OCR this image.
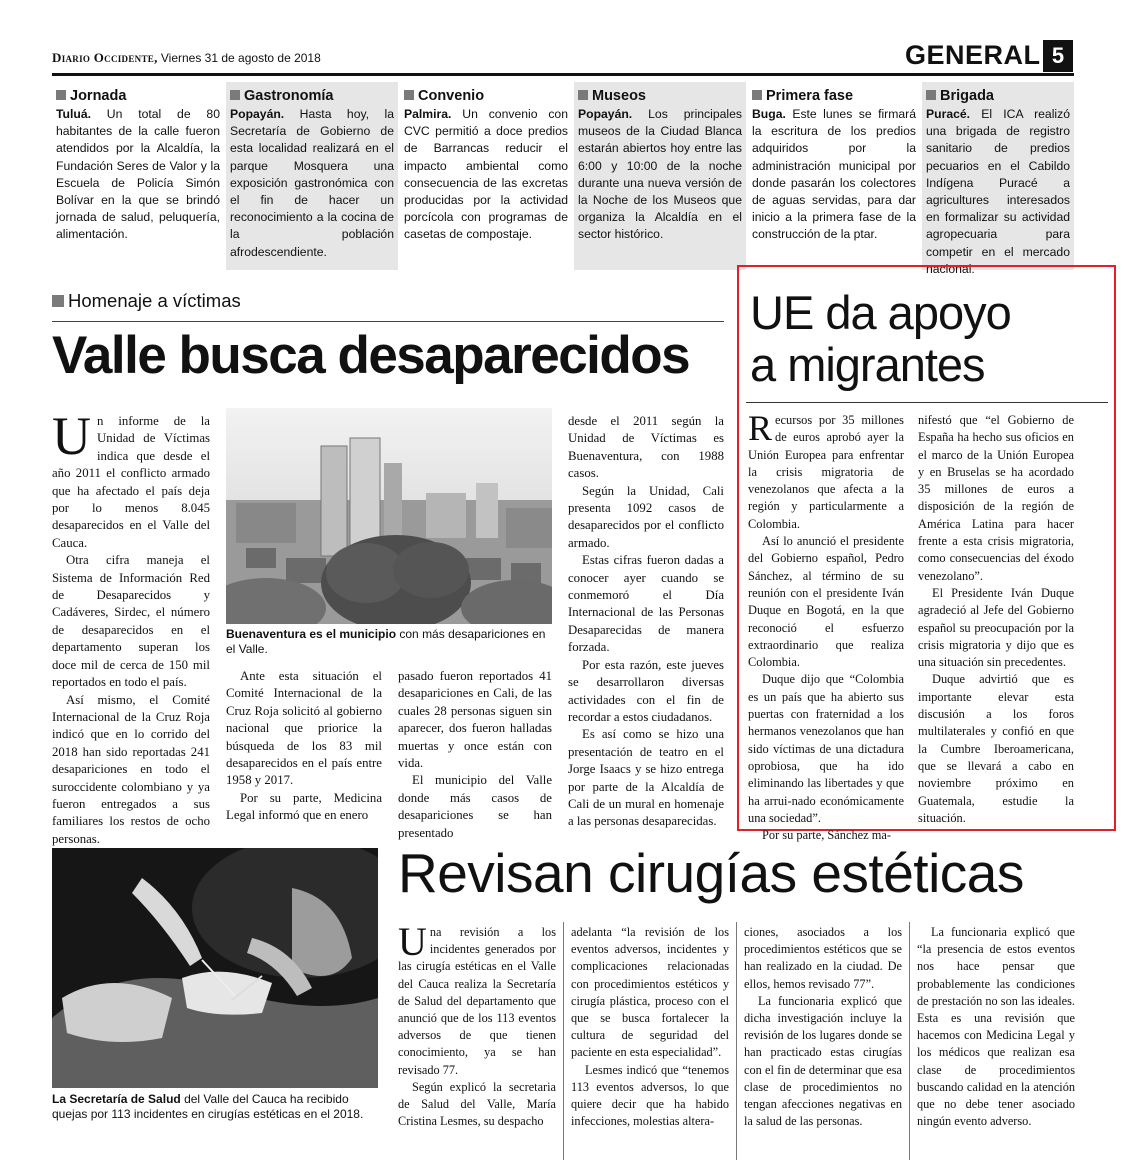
Diario Occidente, Viernes 31 de agosto de 2018	GENERAL 5
Jornada
Tuluá. Un total de 80 habitantes de la calle fueron atendidos por la Alcaldía, la Fundación Seres de Valor y la Escuela de Policía Simón Bolívar en la que se brindó jornada de salud, peluquería, alimentación.
Gastronomía
Popayán. Hasta hoy, la Secretaría de Gobierno de esta localidad realizará en el parque Mosquera una exposición gastronómica con el fin de hacer un reconocimiento a la cocina de la población afrodescendiente.
Convenio
Palmira. Un convenio con CVC permitió a doce predios de Barrancas reducir el impacto ambiental como consecuencia de las excretas producidas por la actividad porcícola con programas de casetas de compostaje.
Museos
Popayán. Los principales museos de la Ciudad Blanca estarán abiertos hoy entre las 6:00 y 10:00 de la noche durante una nueva versión de la Noche de los Museos que organiza la Alcaldía en el sector histórico.
Primera fase
Buga. Este lunes se firmará la escritura de los predios adquiridos por la administración municipal por donde pasarán los colectores de aguas servidas, para dar inicio a la primera fase de la construcción de la ptar.
Brigada
Puracé. El ICA realizó una brigada de registro sanitario de predios pecuarios en el Cabildo Indígena Puracé a agricultures interesados en formalizar su actividad agropecuaria para competir en el mercado nacional.
Homenaje a víctimas
Valle busca desaparecidos

Un informe de la Unidad de Víctimas indica que desde el año 2011 el conflicto armado que ha afectado el país deja por lo menos 8.045 desaparecidos en el Valle del Cauca.

Otra cifra maneja el Sistema de Información Red de Desaparecidos y Cadáveres, Sirdec, el número de desaparecidos en el departamento superan los doce mil de cerca de 150 mil reportados en todo el país.

Así mismo, el Comité Internacional de la Cruz Roja indicó que en lo corrido del 2018 han sido reportadas 241 desapariciones en todo el suroccidente colombiano y ya fueron entregados a sus familiares los restos de ocho personas.

Buenaventura es el municipio con más desapariciones en el Valle.

Ante esta situación el Comité Internacional de la Cruz Roja solicitó al gobierno nacional que priorice la búsqueda de los 83 mil desaparecidos en el país entre 1958 y 2017.

Por su parte, Medicina Legal informó que en enero

pasado fueron reportados 41 desapariciones en Cali, de las cuales 28 personas siguen sin aparecer, dos fueron halladas muertas y once están con vida.

El municipio del Valle donde más casos de desapariciones se han presentado

desde el 2011 según la Unidad de Víctimas es Buenaventura, con 1988 casos.

Según la Unidad, Cali presenta 1092 casos de desaparecidos por el conflicto armado.

Estas cifras fueron dadas a conocer ayer cuando se conmemoró el Día Internacional de las Personas Desaparecidas de manera forzada.

Por esta razón, este jueves se desarrollaron diversas actividades con el fin de recordar a estos ciudadanos.

Es así como se hizo una presentación de teatro en el Jorge Isaacs y se hizo entrega por parte de la Alcaldía de Cali de un mural en homenaje a las personas desaparecidas.

UE da apoyo
a migrantes

Recursos por 35 millones de euros aprobó ayer la Unión Europea para enfrentar la crisis migratoria de venezolanos que afecta a la región y particularmente a Colombia.

Así lo anunció el presidente del Gobierno español, Pedro Sánchez, al término de su reunión con el presidente Iván Duque en Bogotá, en la que reconoció el esfuerzo extraordinario que realiza Colombia.

Duque dijo que “Colombia es un país que ha abierto sus puertas con fraternidad a los hermanos venezolanos que han sido víctimas de una dictadura oprobiosa, que ha ido eliminando las libertades y que ha arrui-nado económicamente una sociedad”.

Por su parte, Sánchez ma-

nifestó que “el Gobierno de España ha hecho sus oficios en el marco de la Unión Europea y en Bruselas se ha acordado 35 millones de euros a disposición de la región de América Latina para hacer frente a esta crisis migratoria, como consecuencias del éxodo venezolano”.

El Presidente Iván Duque agradeció al Jefe del Gobierno español su preocupación por la crisis migratoria y dijo que es una situación sin precedentes.

Duque advirtió que es importante elevar esta discusión a los foros multilaterales y confió en que la Cumbre Iberoamericana, que se llevará a cabo en noviembre próximo en Guatemala, estudie la situación.

La Secretaría de Salud del Valle del Cauca ha recibido quejas por 113 incidentes en cirugías estéticas en el 2018.
Revisan cirugías estéticas

Una revisión a los incidentes generados por las cirugía estéticas en el Valle del Cauca realiza la Secretaría de Salud del departamento que anunció que de los 113 eventos adversos de que tienen conocimiento, ya se han revisado 77.

Según explicó la secretaria de Salud del Valle, María Cristina Lesmes, su despacho

adelanta “la revisión de los eventos adversos, incidentes y complicaciones relacionadas con procedimientos estéticos y cirugía plástica, proceso con el que se busca fortalecer la cultura de seguridad del paciente en esta especialidad”.

Lesmes indicó que “tenemos 113 eventos adversos, lo que quiere decir que ha habido infecciones, molestias altera-

ciones, asociados a los procedimientos estéticos que se han realizado en la ciudad. De ellos, hemos revisado 77”.

La funcionaria explicó que dicha investigación incluye la revisión de los lugares donde se han practicado estas cirugías con el fin de determinar que esa clase de procedimientos no tengan afecciones negativas en la salud de las personas.

La funcionaria explicó que “la presencia de estos eventos nos hace pensar que probablemente las condiciones de prestación no son las ideales. Esta es una revisión que hacemos con Medicina Legal y los médicos que realizan esa clase de procedimientos buscando calidad en la atención que no debe tener asociado ningún evento adverso.
